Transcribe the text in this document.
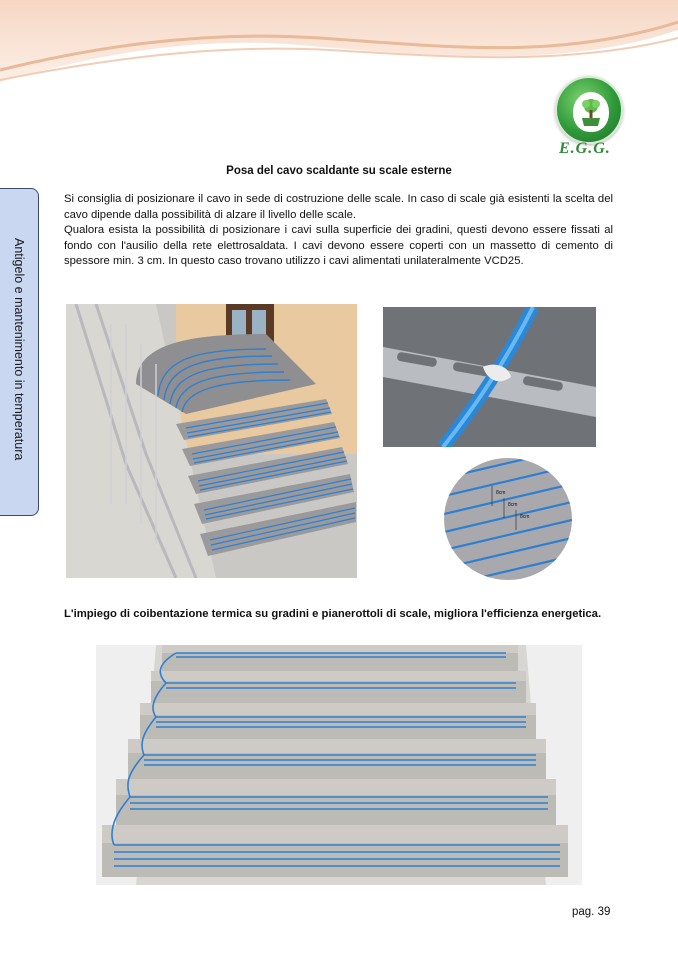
E.G.G.
Antigelo e mantenimento in temperatura
Posa del cavo scaldante su scale esterne

Si consiglia di posizionare il cavo in sede di costruzione delle scale. In caso di scale già esistenti la scelta del cavo dipende dalla possibilità di alzare il livello delle scale.

Qualora esista la possibilità di posizionare i cavi sulla superficie dei gradini, questi devono essere fissati al fondo con l'ausilio della rete elettrosaldata. I cavi devono essere coperti con un massetto di cemento di spessore min. 3 cm. In questo caso trovano utilizzo i cavi alimentati unilateralmente VCD25.

8cm
8cm
8cm
L'impiego di coibentazione termica su gradini e pianerottoli di scale, migliora l'efficienza energetica.
pag. 39
